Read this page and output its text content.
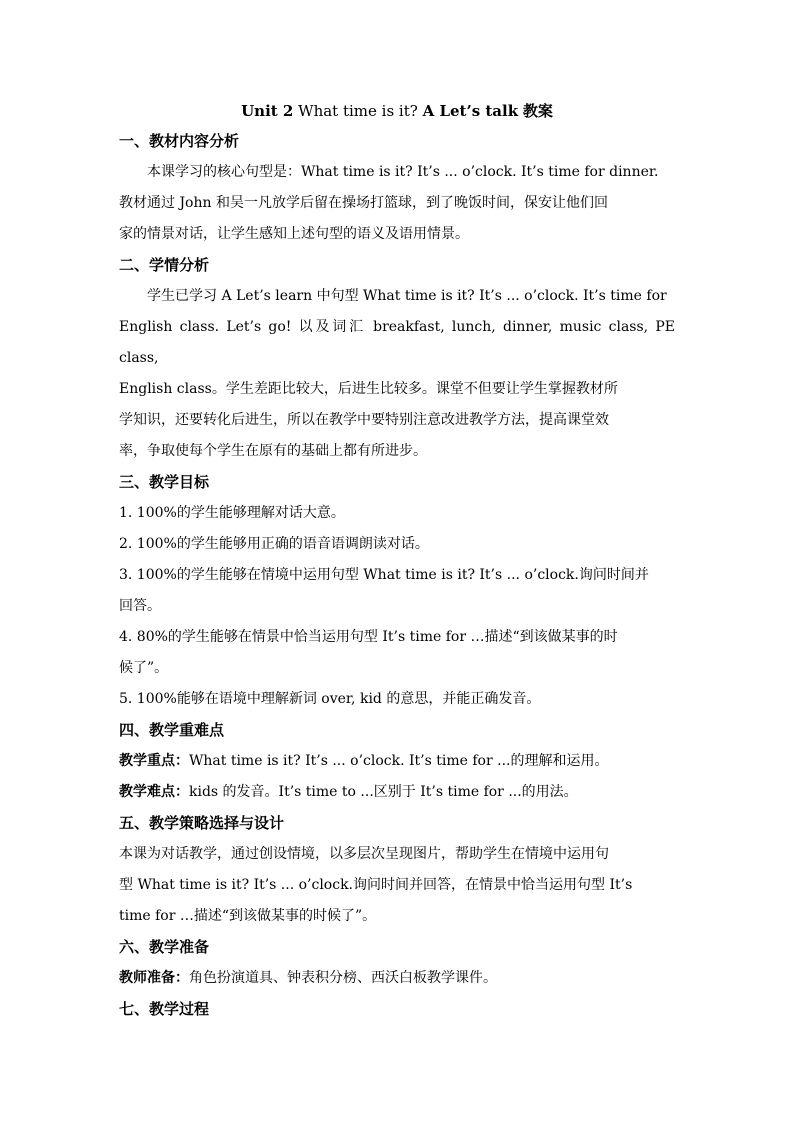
Unit 2 What time is it? A Let’s talk 教案

一、教材内容分析

本课学习的核心句型是：What time is it? It’s ... o’clock. It’s time for dinner.

教材通过 John 和吴一凡放学后留在操场打篮球，到了晚饭时间，保安让他们回

家的情景对话，让学生感知上述句型的语义及语用情景。

二、学情分析

学生已学习 A Let’s learn 中句型 What time is it? It’s ... o’clock. It’s time for

English class. Let’s go! 以及词汇 breakfast, lunch, dinner, music class, PE class,

English class。学生差距比较大，后进生比较多。课堂不但要让学生掌握教材所

学知识，还要转化后进生，所以在教学中要特别注意改进教学方法，提高课堂效

率，争取使每个学生在原有的基础上都有所进步。

三、教学目标

1. 100%的学生能够理解对话大意。

2. 100%的学生能够用正确的语音语调朗读对话。

3. 100%的学生能够在情境中运用句型 What time is it? It’s ... o’clock.询问时间并

回答。

4. 80%的学生能够在情景中恰当运用句型 It’s time for …描述“到该做某事的时

候了”。

5. 100%能够在语境中理解新词 over, kid 的意思，并能正确发音。

四、教学重难点

教学重点：What time is it? It’s ... o’clock. It’s time for ...的理解和运用。

教学难点：kids 的发音。It’s time to ...区别于 It’s time for ...的用法。

五、教学策略选择与设计

本课为对话教学，通过创设情境，以多层次呈现图片，帮助学生在情境中运用句

型 What time is it? It’s ... o’clock.询问时间并回答，在情景中恰当运用句型 It’s

time for …描述“到该做某事的时候了”。

六、教学准备

教师准备：角色扮演道具、钟表积分榜、西沃白板教学课件。

七、教学过程
